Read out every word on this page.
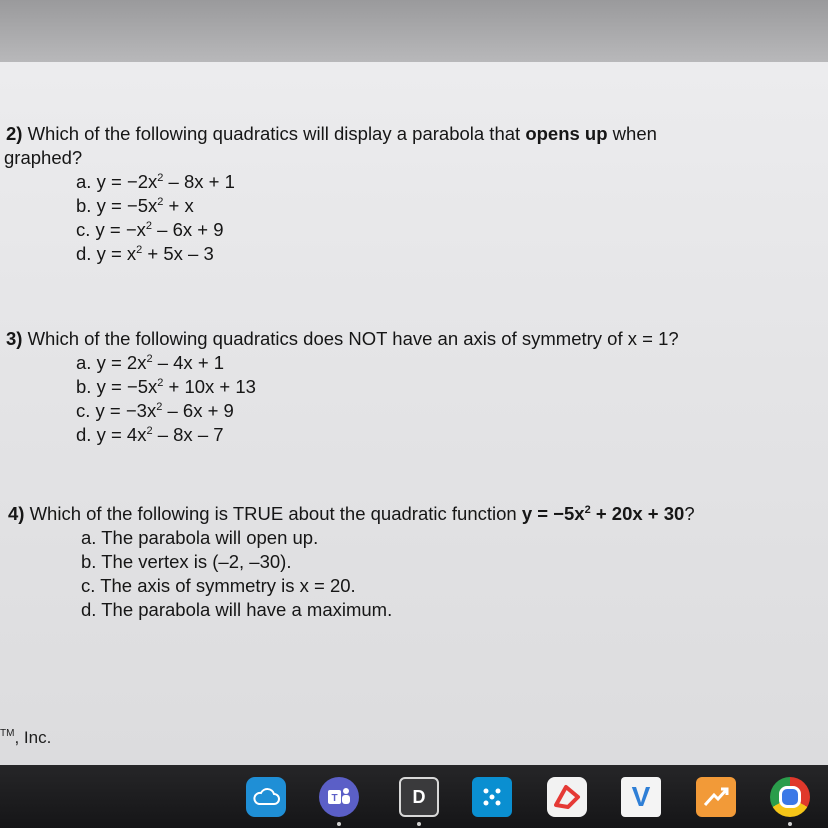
2) Which of the following quadratics will display a parabola that opens up when
graphed?
a. $y = -2x^2 - 8x + 1$
b. $y = -5x^2 + x$
c. $y = -x^2 - 6x + 9$
d. $y = x^2 + 5x - 3$
3) Which of the following quadratics does NOT have an axis of symmetry of x = 1?
a. $y = 2x^2 - 4x + 1$
b. $y = -5x^2 + 10x + 13$
c. $y = -3x^2 - 6x + 9$
d. $y = 4x^2 - 8x - 7$
4) Which of the following is TRUE about the quadratic function $y = -5x^2 + 20x + 30$?
a. The parabola will open up.
b. The vertex is (–2, –30).
c. The axis of symmetry is x = 20.
d. The parabola will have a maximum.
™, Inc.
T	D	V
